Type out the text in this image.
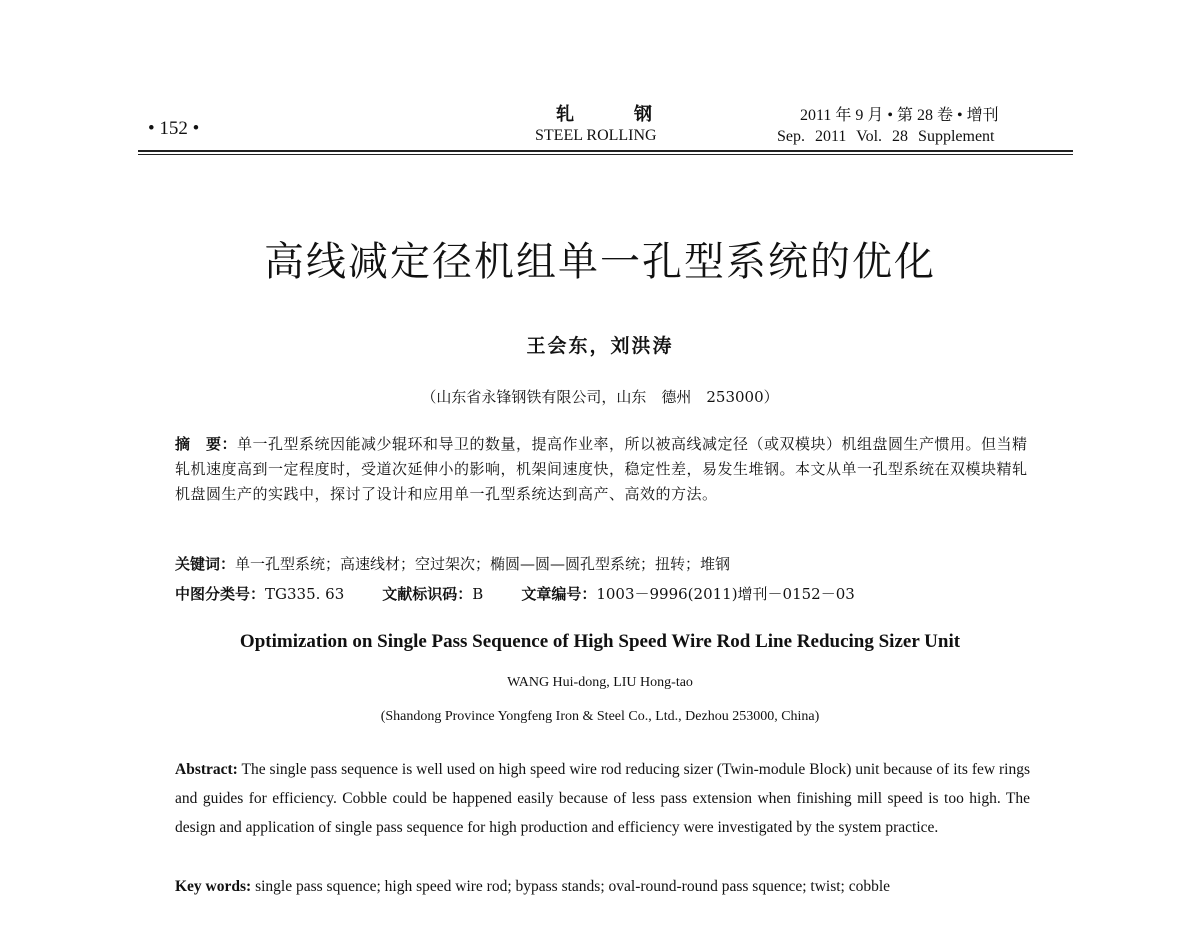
• 152 •
轧钢
STEEL ROLLING
2011 年 9 月 • 第 28 卷 • 增刊
Sep. 2011 Vol. 28 Supplement
高线减定径机组单一孔型系统的优化
王会东，刘洪涛
（山东省永锋钢铁有限公司，山东　德州　253000）
摘　要：单一孔型系统因能减少辊环和导卫的数量，提高作业率，所以被高线减定径（或双模块）机组盘圆生产惯用。但当精轧机速度高到一定程度时，受道次延伸小的影响，机架间速度快，稳定性差，易发生堆钢。本文从单一孔型系统在双模块精轧机盘圆生产的实践中，探讨了设计和应用单一孔型系统达到高产、高效的方法。
关键词：单一孔型系统；高速线材；空过架次；椭圆—圆—圆孔型系统；扭转；堆钢
中图分类号：TG335. 63	文献标识码：B	文章编号：1003－9996(2011)增刊－0152－03
Optimization on Single Pass Sequence of High Speed Wire Rod Line Reducing Sizer Unit
WANG Hui-dong, LIU Hong-tao
(Shandong Province Yongfeng Iron & Steel Co., Ltd., Dezhou 253000, China)
Abstract: The single pass sequence is well used on high speed wire rod reducing sizer (Twin-module Block) unit because of its few rings and guides for efficiency. Cobble could be happened easily because of less pass extension when finishing mill speed is too high. The design and application of single pass sequence for high production and efficiency were investigated by the system practice.
Key words: single pass squence; high speed wire rod; bypass stands; oval-round-round pass squence; twist; cobble
